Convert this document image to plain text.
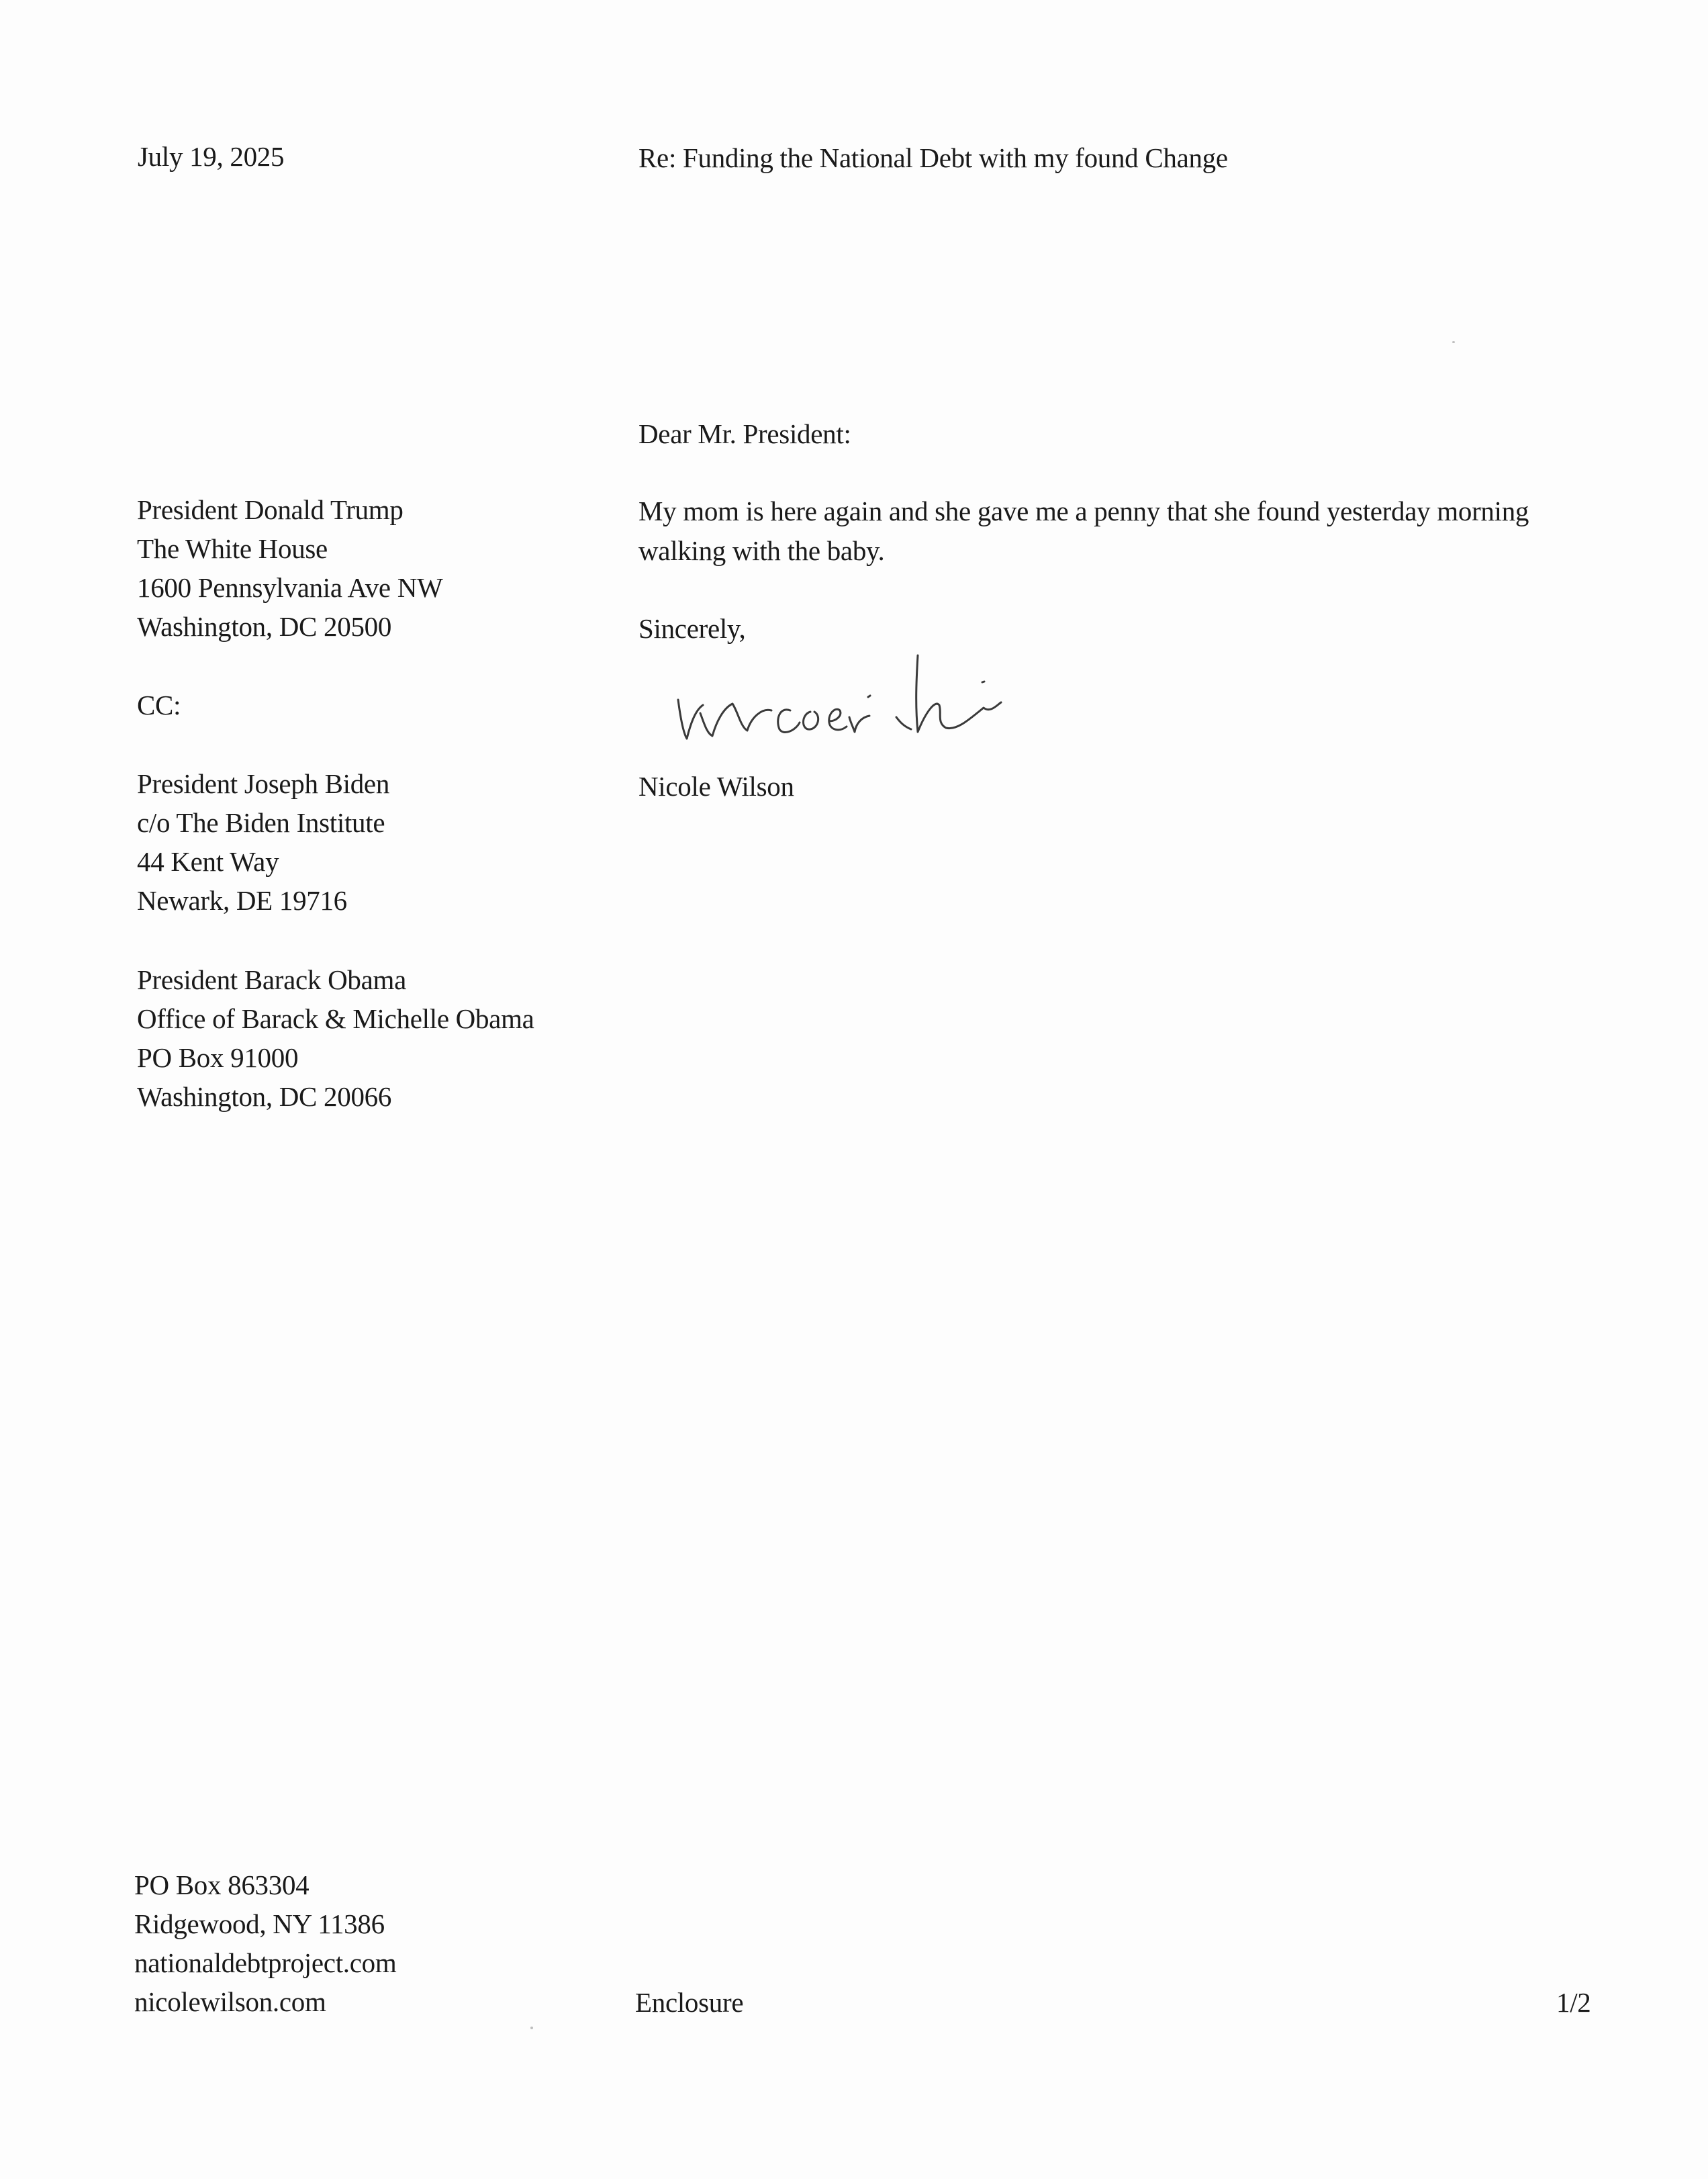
July 19, 2025	Re: Funding the National Debt with my found Change
Dear Mr. President:
President Donald Trump
The White House
1600 Pennsylvania Ave NW
Washington, DC 20500
My mom is here again and she gave me a penny that she found yesterday morning walking with the baby.
Sincerely,
CC:
Nicole Wilson
President Joseph Biden
c/o The Biden Institute
44 Kent Way
Newark, DE 19716
President Barack Obama
Office of Barack & Michelle Obama
PO Box 91000
Washington, DC 20066
PO Box 863304
Ridgewood, NY 11386
nationaldebtproject.com
nicolewilson.com	Enclosure	1/2
